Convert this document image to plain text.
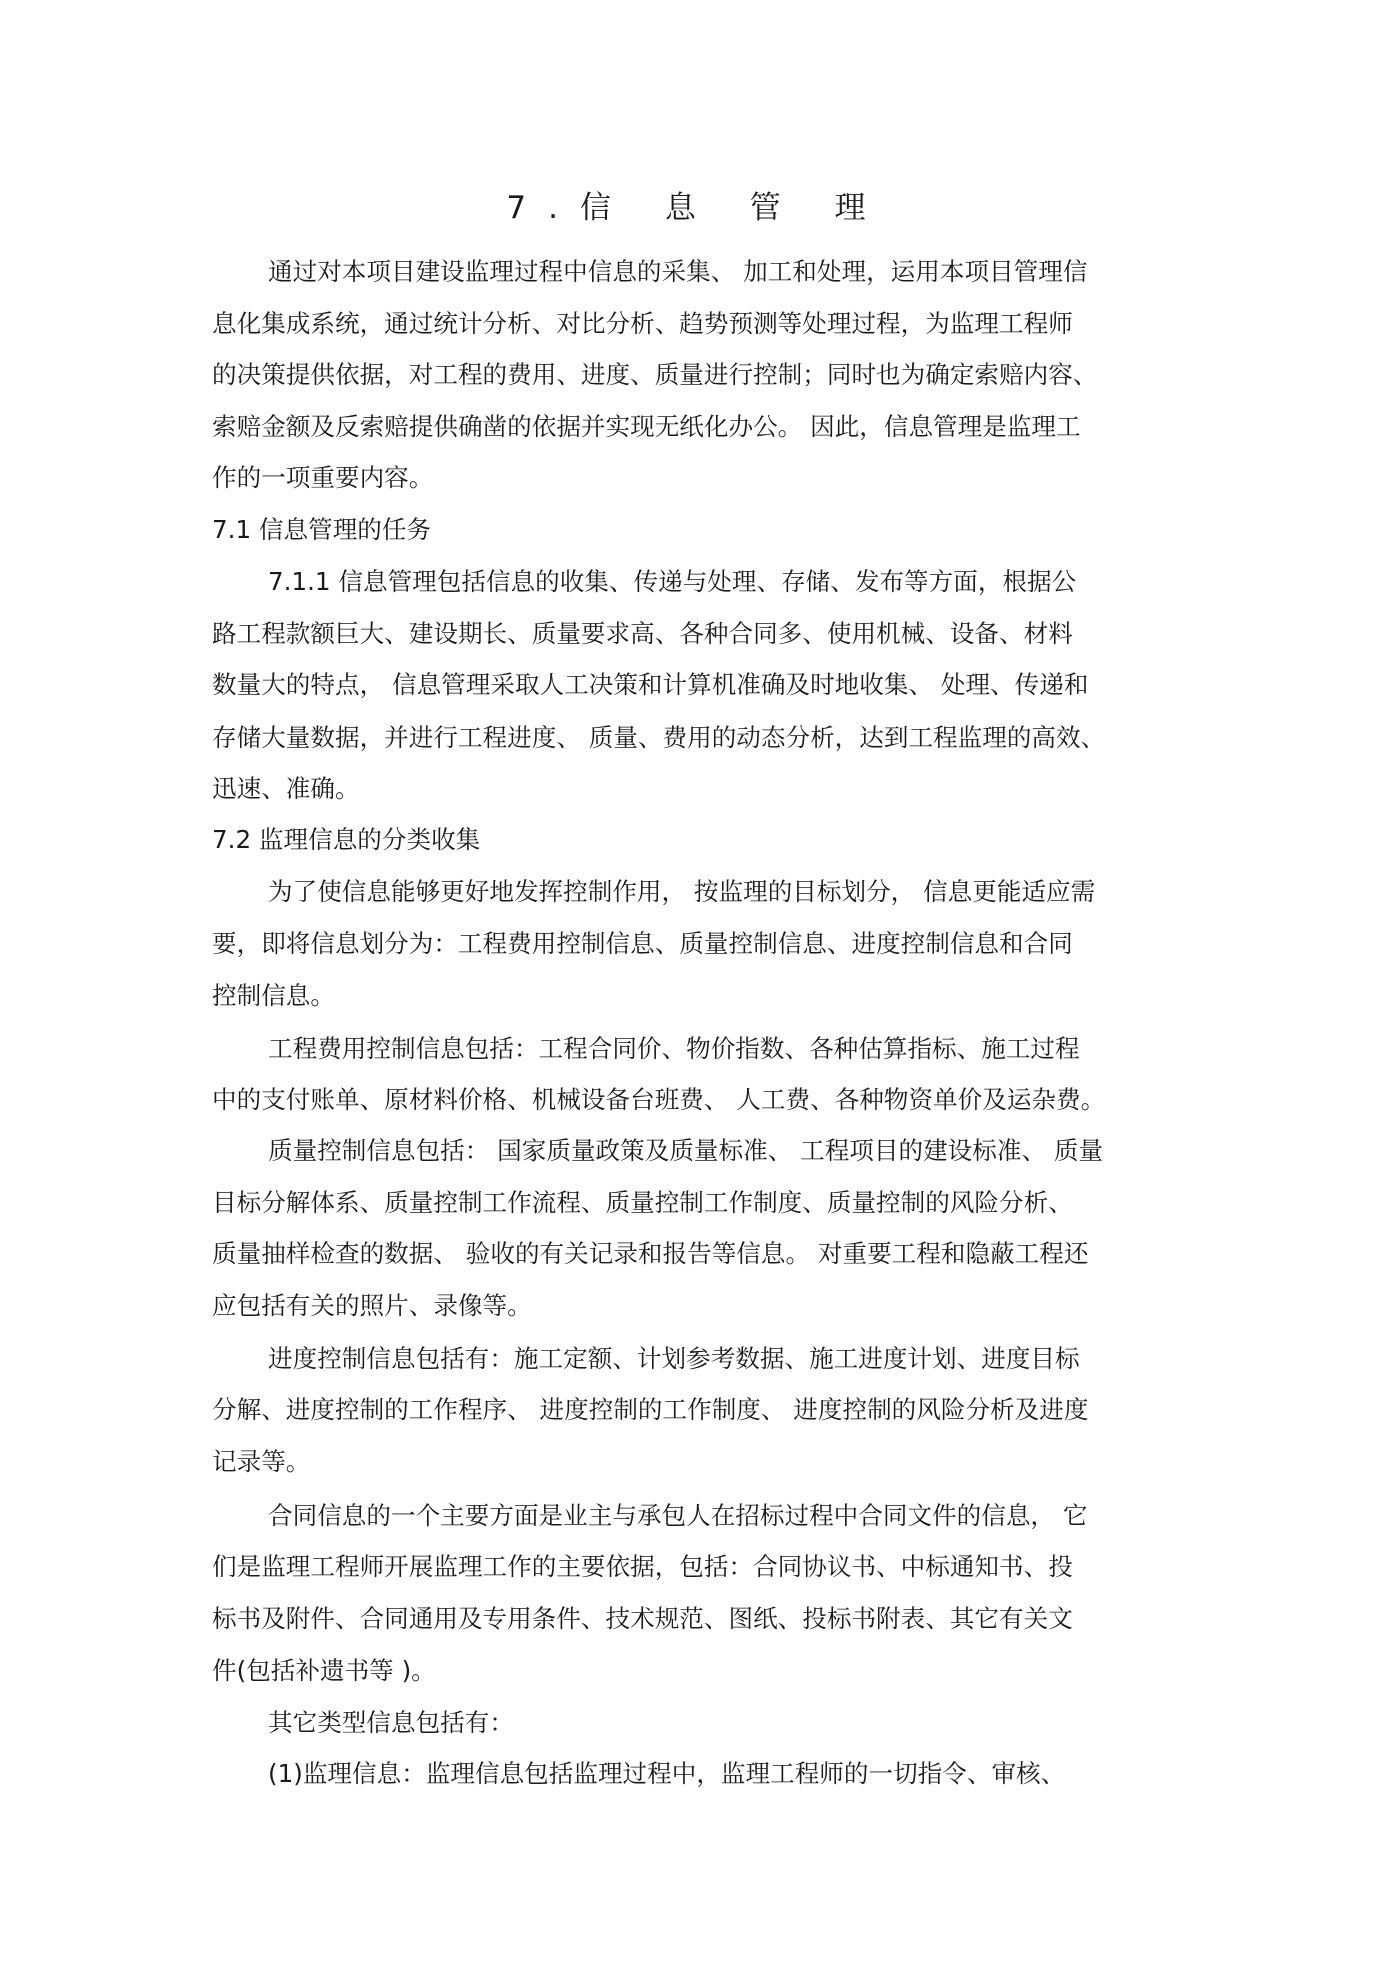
7.信 息 管 理
通过对本项目建设监理过程中信息的采集、 加工和处理，运用本项目管理信
息化集成系统，通过统计分析、对比分析、趋势预测等处理过程，为监理工程师
的决策提供依据，对工程的费用、进度、质量进行控制；同时也为确定索赔内容、
索赔金额及反索赔提供确凿的依据并实现无纸化办公。 因此，信息管理是监理工
作的一项重要内容。
7.1 信息管理的任务
7.1.1 信息管理包括信息的收集、传递与处理、存储、发布等方面，根据公
路工程款额巨大、建设期长、质量要求高、各种合同多、使用机械、设备、材料
数量大的特点， 信息管理采取人工决策和计算机准确及时地收集、 处理、传递和
存储大量数据，并进行工程进度、 质量、费用的动态分析，达到工程监理的高效、
迅速、准确。
7.2 监理信息的分类收集
为了使信息能够更好地发挥控制作用， 按监理的目标划分， 信息更能适应需
要，即将信息划分为：工程费用控制信息、质量控制信息、进度控制信息和合同
控制信息。
工程费用控制信息包括：工程合同价、物价指数、各种估算指标、施工过程
中的支付账单、原材料价格、机械设备台班费、 人工费、各种物资单价及运杂费。
质量控制信息包括： 国家质量政策及质量标准、 工程项目的建设标准、 质量
目标分解体系、质量控制工作流程、质量控制工作制度、质量控制的风险分析、
质量抽样检查的数据、 验收的有关记录和报告等信息。 对重要工程和隐蔽工程还
应包括有关的照片、录像等。
进度控制信息包括有：施工定额、计划参考数据、施工进度计划、进度目标
分解、进度控制的工作程序、 进度控制的工作制度、 进度控制的风险分析及进度
记录等。
合同信息的一个主要方面是业主与承包人在招标过程中合同文件的信息， 它
们是监理工程师开展监理工作的主要依据，包括：合同协议书、中标通知书、投
标书及附件、合同通用及专用条件、技术规范、图纸、投标书附表、其它有关文
件(包括补遗书等 )。
其它类型信息包括有：
(1)监理信息：监理信息包括监理过程中，监理工程师的一切指令、审核、
